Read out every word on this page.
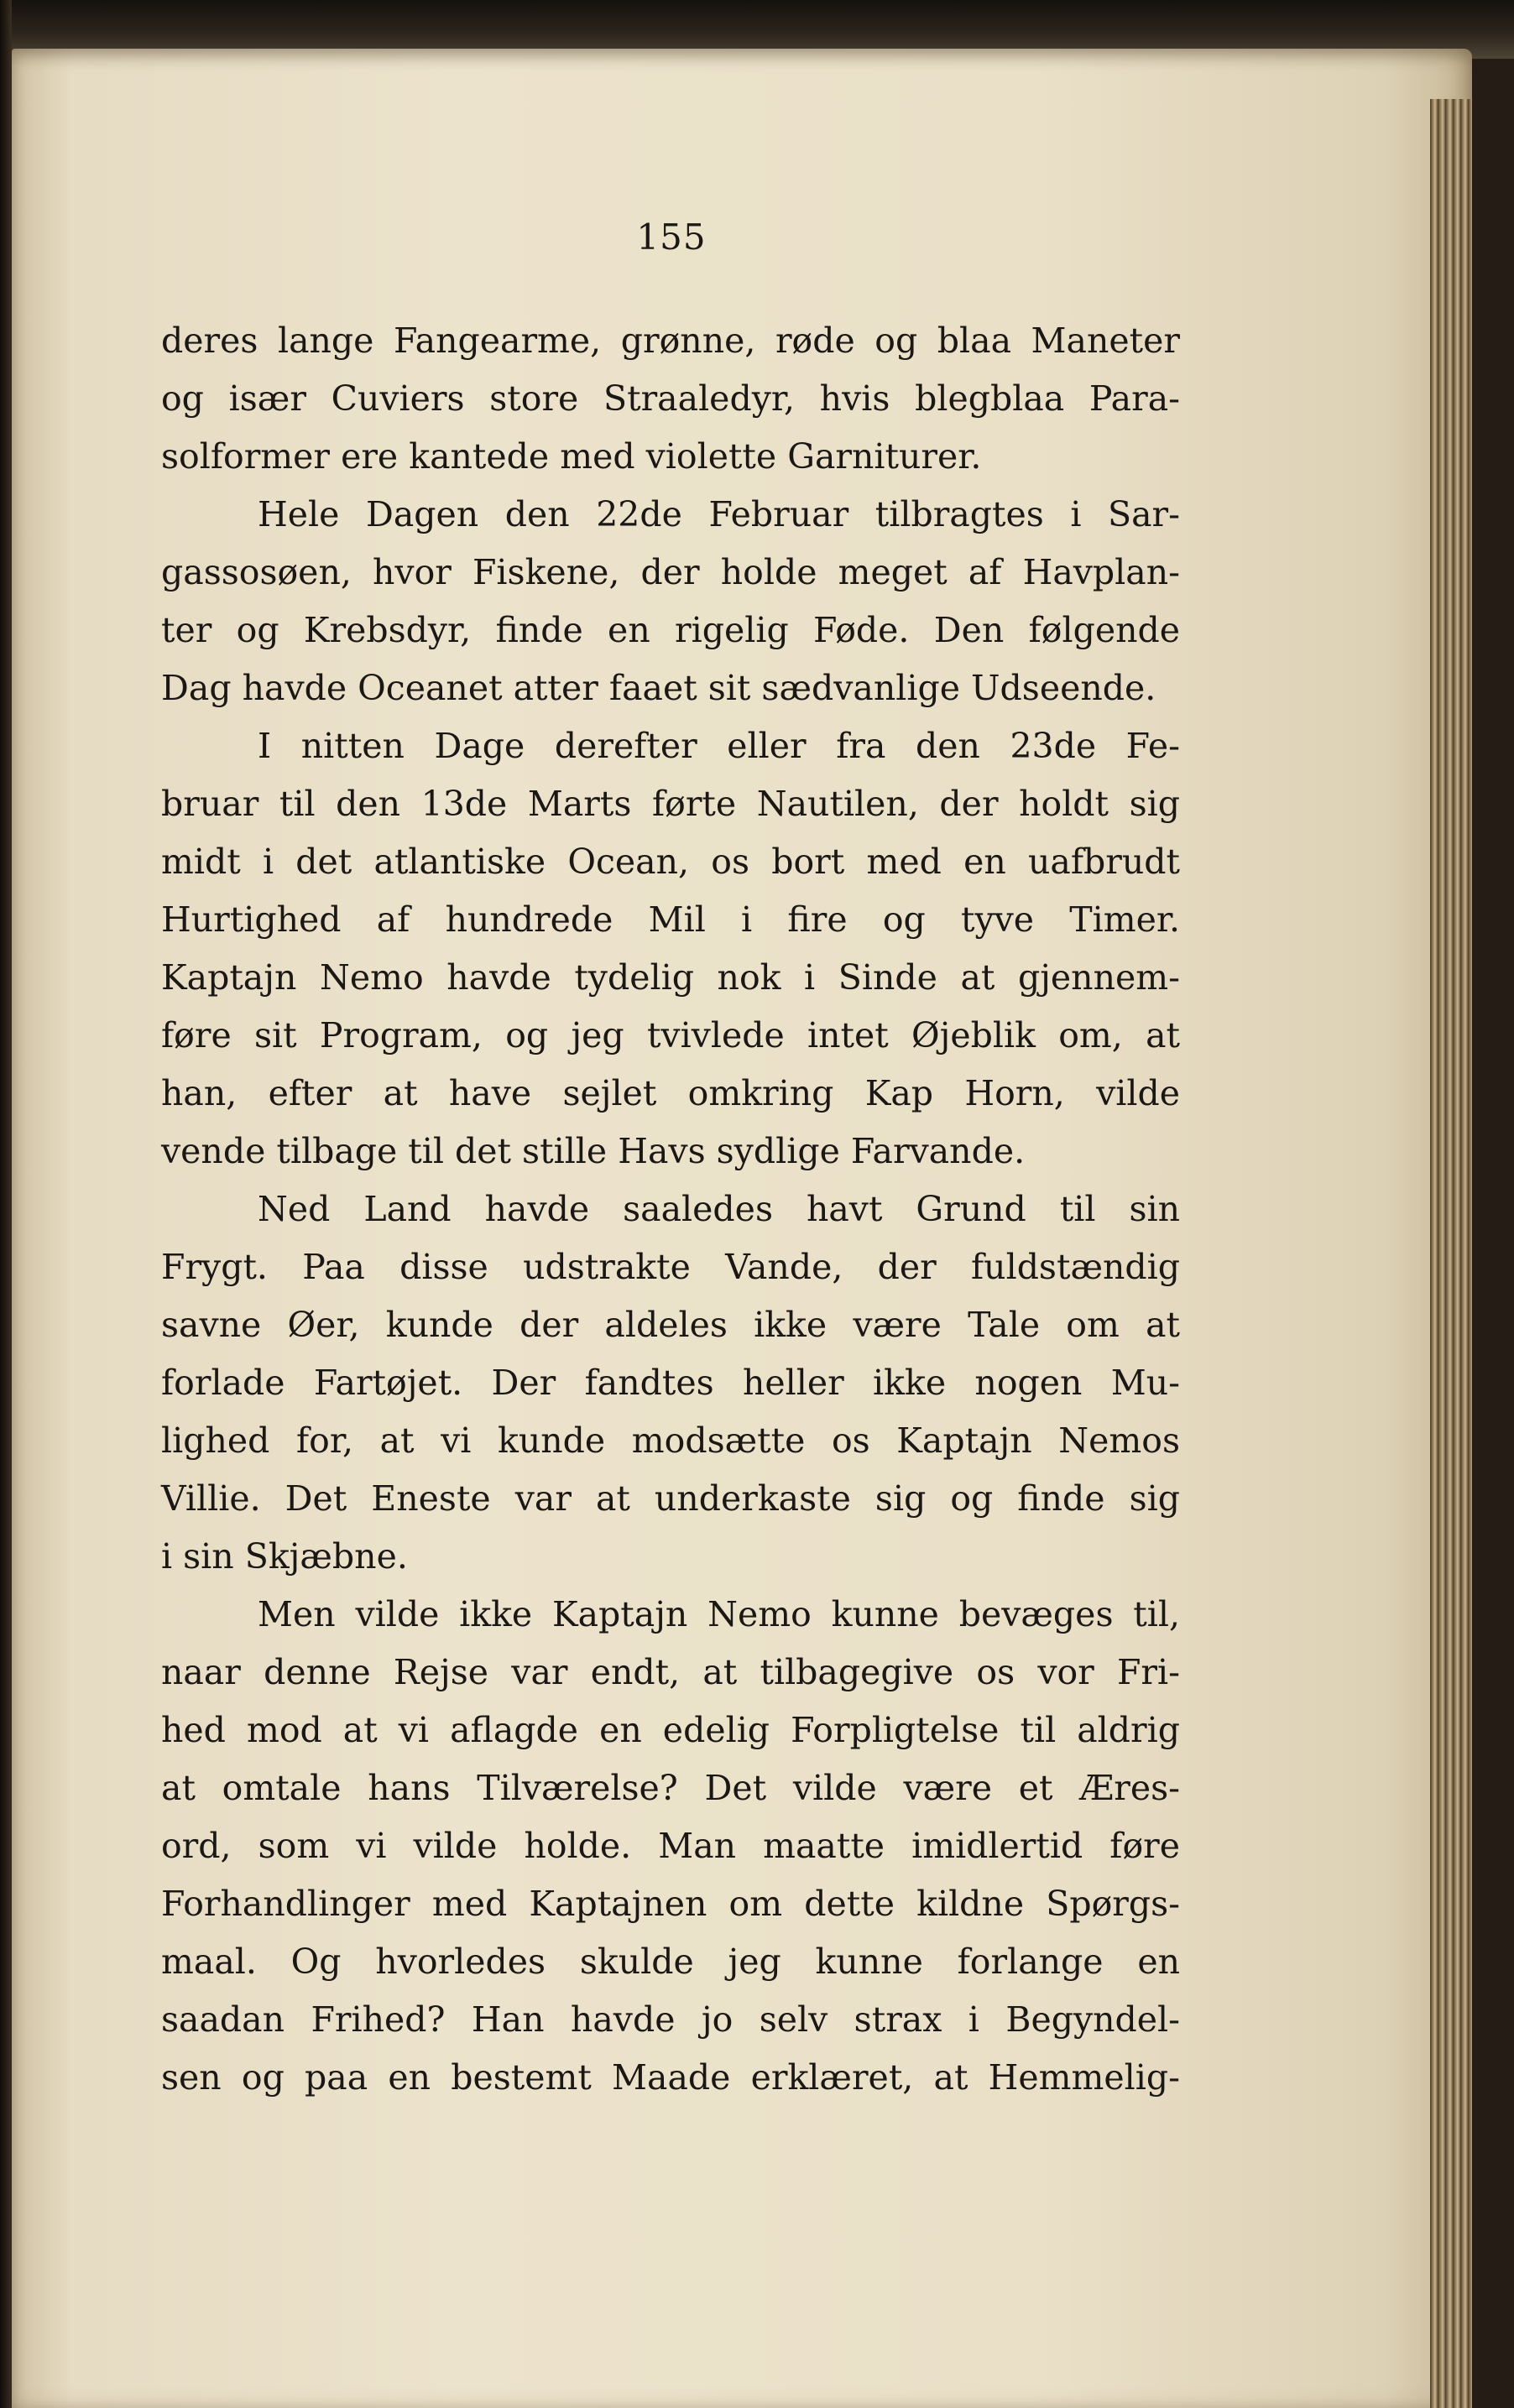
155
deres lange Fangearme, grønne, røde og blaa Maneter
og især Cuviers store Straaledyr, hvis blegblaa Para-
solformer ere kantede med violette Garniturer.
Hele Dagen den 22de Februar tilbragtes i Sar-
gassosøen, hvor Fiskene, der holde meget af Havplan-
ter og Krebsdyr, finde en rigelig Føde. Den følgende
Dag havde Oceanet atter faaet sit sædvanlige Udseende.
I nitten Dage derefter eller fra den 23de Fe-
bruar til den 13de Marts førte Nautilen, der holdt sig
midt i det atlantiske Ocean, os bort med en uafbrudt
Hurtighed af hundrede Mil i fire og tyve Timer.
Kaptajn Nemo havde tydelig nok i Sinde at gjennem-
føre sit Program, og jeg tvivlede intet Øjeblik om, at
han, efter at have sejlet omkring Kap Horn, vilde
vende tilbage til det stille Havs sydlige Farvande.
Ned Land havde saaledes havt Grund til sin
Frygt. Paa disse udstrakte Vande, der fuldstændig
savne Øer, kunde der aldeles ikke være Tale om at
forlade Fartøjet. Der fandtes heller ikke nogen Mu-
lighed for, at vi kunde modsætte os Kaptajn Nemos
Villie. Det Eneste var at underkaste sig og finde sig
i sin Skjæbne.
Men vilde ikke Kaptajn Nemo kunne bevæges til,
naar denne Rejse var endt, at tilbagegive os vor Fri-
hed mod at vi aflagde en edelig Forpligtelse til aldrig
at omtale hans Tilværelse? Det vilde være et Æres-
ord, som vi vilde holde. Man maatte imidlertid føre
Forhandlinger med Kaptajnen om dette kildne Spørgs-
maal. Og hvorledes skulde jeg kunne forlange en
saadan Frihed? Han havde jo selv strax i Begyndel-
sen og paa en bestemt Maade erklæret, at Hemmelig-
